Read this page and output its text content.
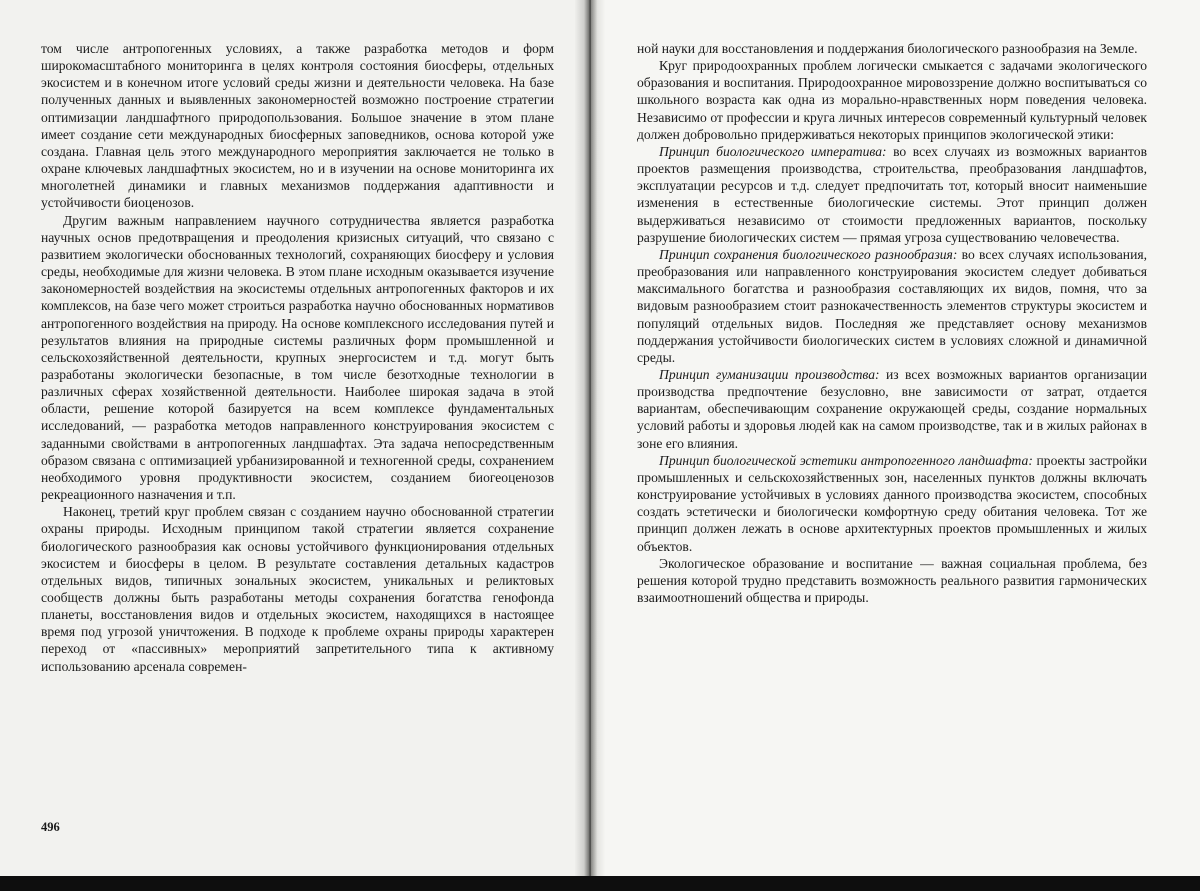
том числе антропогенных условиях, а также разработка методов и форм широкомасштабного мониторинга в целях контроля состояния биосферы, отдельных экосистем и в конечном итоге условий среды жизни и деятельности человека. На базе полученных данных и выявленных закономерностей возможно построение стратегии оптимизации ландшафтного природопользования. Большое значение в этом плане имеет создание сети международных биосферных заповедников, основа которой уже создана. Главная цель этого международного мероприятия заключается не только в охране ключевых ландшафтных экосистем, но и в изучении на основе мониторинга их многолетней динамики и главных механизмов поддержания адаптивности и устойчивости биоценозов.

Другим важным направлением научного сотрудничества является разработка научных основ предотвращения и преодоления кризисных ситуаций, что связано с развитием экологически обоснованных технологий, сохраняющих биосферу и условия среды, необходимые для жизни человека. В этом плане исходным оказывается изучение закономерностей воздействия на экосистемы отдельных антропогенных факторов и их комплексов, на базе чего может строиться разработка научно обоснованных нормативов антропогенного воздействия на природу. На основе комплексного исследования путей и результатов влияния на природные системы различных форм промышленной и сельскохозяйственной деятельности, крупных энергосистем и т.д. могут быть разработаны экологически безопасные, в том числе безотходные технологии в различных сферах хозяйственной деятельности. Наиболее широкая задача в этой области, решение которой базируется на всем комплексе фундаментальных исследований, — разработка методов направленного конструирования экосистем с заданными свойствами в антропогенных ландшафтах. Эта задача непосредственным образом связана с оптимизацией урбанизированной и техногенной среды, сохранением необходимого уровня продуктивности экосистем, созданием биогеоценозов рекреационного назначения и т.п.

Наконец, третий круг проблем связан с созданием научно обоснованной стратегии охраны природы. Исходным принципом такой стратегии является сохранение биологического разнообразия как основы устойчивого функционирования отдельных экосистем и биосферы в целом. В результате составления детальных кадастров отдельных видов, типичных зональных экосистем, уникальных и реликтовых сообществ должны быть разработаны методы сохранения богатства генофонда планеты, восстановления видов и отдельных экосистем, находящихся в настоящее время под угрозой уничтожения. В подходе к проблеме охраны природы характерен переход от «пассивных» мероприятий запретительного типа к активному использованию арсенала современ-

496

ной науки для восстановления и поддержания биологического разнообразия на Земле.

Круг природоохранных проблем логически смыкается с задачами экологического образования и воспитания. Природоохранное мировоззрение должно воспитываться со школьного возраста как одна из морально-нравственных норм поведения человека. Независимо от профессии и круга личных интересов современный культурный человек должен добровольно придерживаться некоторых принципов экологической этики:

Принцип биологического императива: во всех случаях из возможных вариантов проектов размещения производства, строительства, преобразования ландшафтов, эксплуатации ресурсов и т.д. следует предпочитать тот, который вносит наименьшие изменения в естественные биологические системы. Этот принцип должен выдерживаться независимо от стоимости предложенных вариантов, поскольку разрушение биологических систем — прямая угроза существованию человечества.

Принцип сохранения биологического разнообразия: во всех случаях использования, преобразования или направленного конструирования экосистем следует добиваться максимального богатства и разнообразия составляющих их видов, помня, что за видовым разнообразием стоит разнокачественность элементов структуры экосистем и популяций отдельных видов. Последняя же представляет основу механизмов поддержания устойчивости биологических систем в условиях сложной и динамичной среды.

Принцип гуманизации производства: из всех возможных вариантов организации производства предпочтение безусловно, вне зависимости от затрат, отдается вариантам, обеспечивающим сохранение окружающей среды, создание нормальных условий работы и здоровья людей как на самом производстве, так и в жилых районах в зоне его влияния.

Принцип биологической эстетики антропогенного ландшафта: проекты застройки промышленных и сельскохозяйственных зон, населенных пунктов должны включать конструирование устойчивых в условиях данного производства экосистем, способных создать эстетически и биологически комфортную среду обитания человека. Тот же принцип должен лежать в основе архитектурных проектов промышленных и жилых объектов.

Экологическое образование и воспитание — важная социальная проблема, без решения которой трудно представить возможность реального развития гармонических взаимоотношений общества и природы.
